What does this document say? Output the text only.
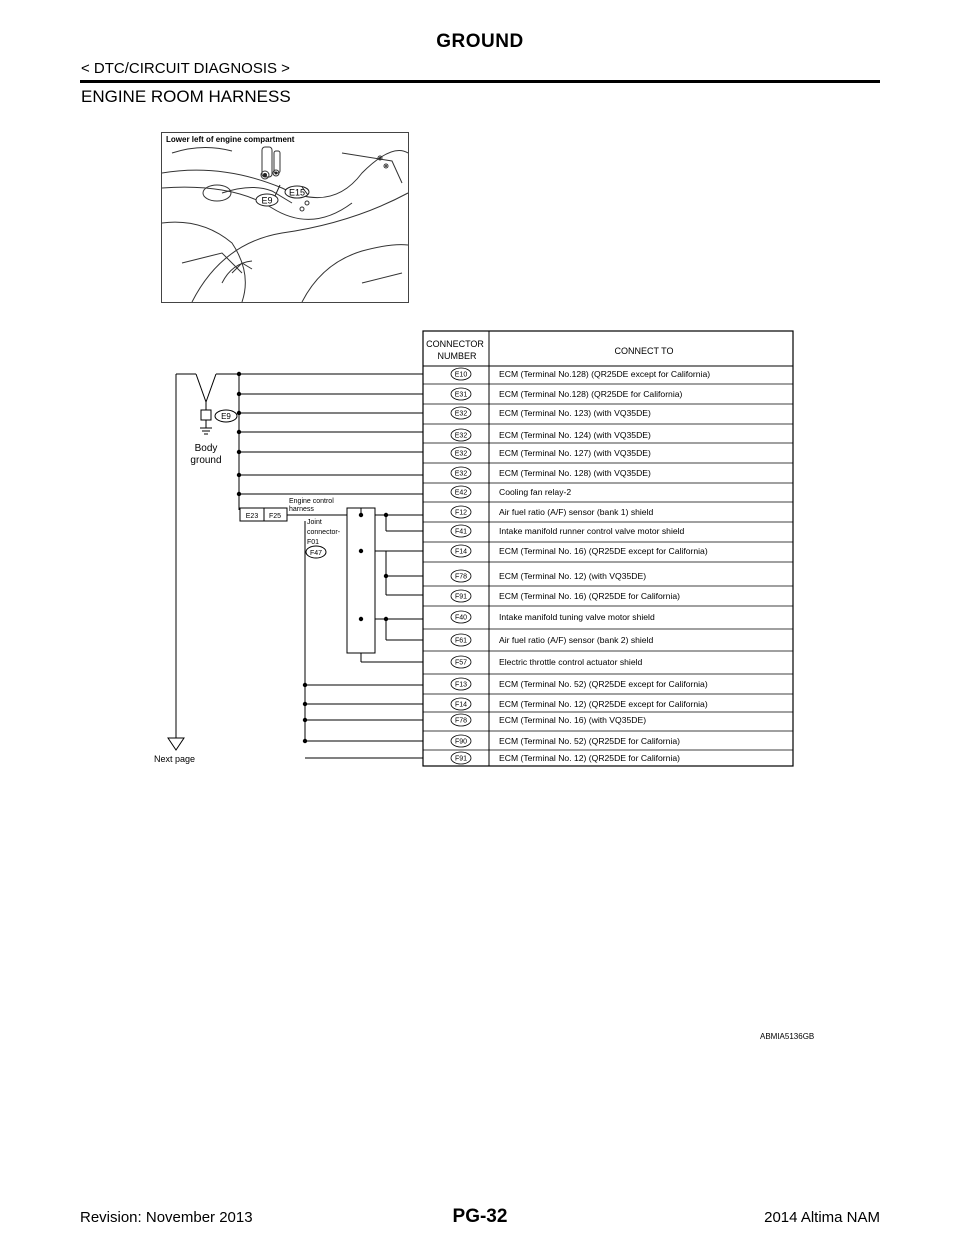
GROUND
< DTC/CIRCUIT DIAGNOSIS >
ENGINE ROOM HARNESS
E9
E15
Lower left of engine compartment
CONNECTOR
NUMBER	CONNECT TO
E10	ECM (Terminal No.128) (QR25DE except for California)
E31	ECM (Terminal No.128) (QR25DE for California)
E32	ECM (Terminal No. 123) (with VQ35DE)
E32	ECM (Terminal No. 124) (with VQ35DE)
E32	ECM (Terminal No. 127) (with VQ35DE)
E32	ECM (Terminal No. 128) (with VQ35DE)
E42	Cooling fan relay-2
F12	Air fuel ratio (A/F) sensor (bank 1) shield
F41	Intake manifold runner control valve motor shield
F14	ECM (Terminal No. 16) (QR25DE except for California)
F78	ECM (Terminal No. 12) (with VQ35DE)
F91	ECM (Terminal No. 16) (QR25DE for California)
F40	Intake manifold tuning valve motor shield
F61	Air fuel ratio (A/F) sensor (bank 2) shield
F57	Electric throttle control actuator shield
F13	ECM (Terminal No. 52) (QR25DE except for California)
F14	ECM (Terminal No. 12) (QR25DE except for California)
F78	ECM (Terminal No. 16) (with VQ35DE)
F90	ECM (Terminal No. 52) (QR25DE for California)
F91	ECM (Terminal No. 12) (QR25DE for California)
E9
Body
ground
E23 F25
Engine control
harness
Joint
connector-
F01
F47
C
Next page
ABMIA5136GB
Revision: November 2013	PG-32	2014 Altima NAM
